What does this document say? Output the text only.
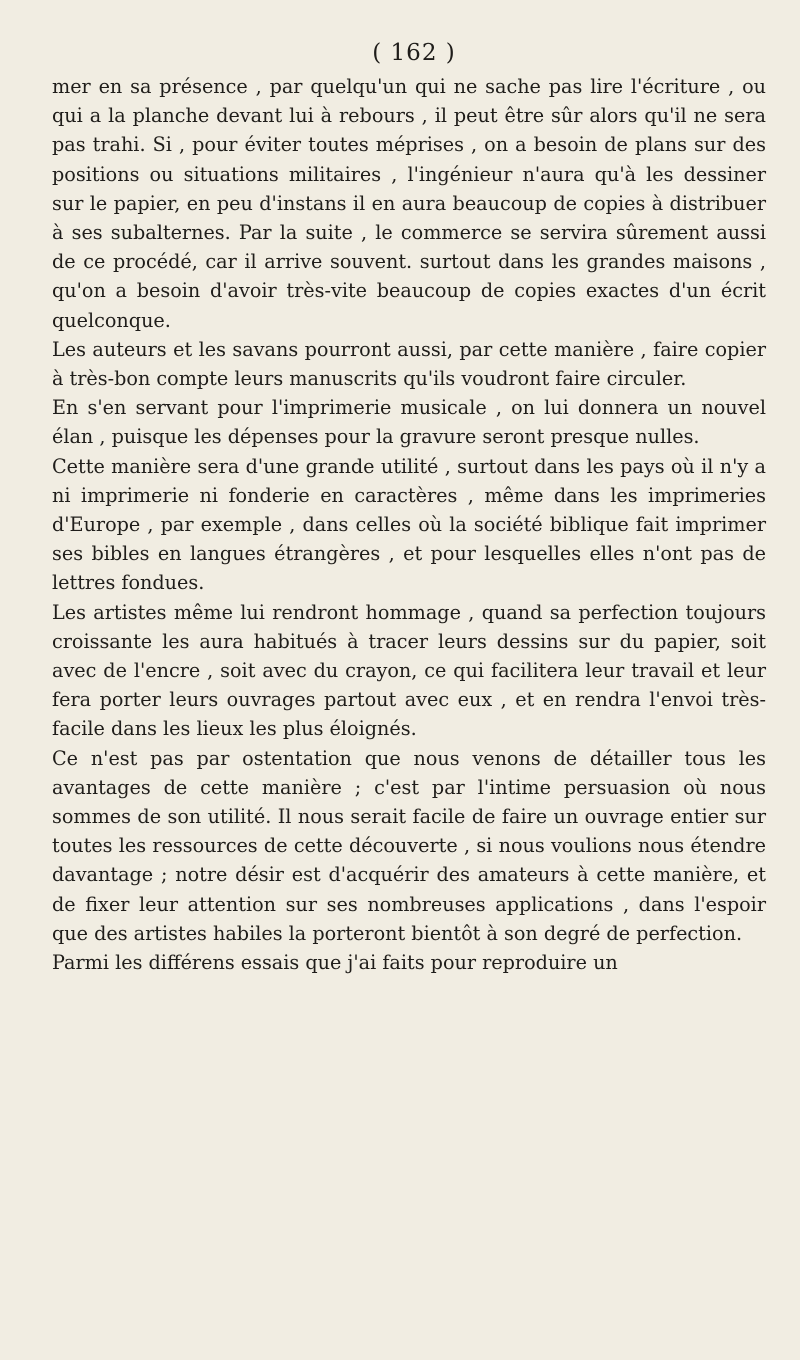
( 162 )

mer en sa présence , par quelqu'un qui ne sache pas lire l'écriture , ou qui a la planche devant lui à rebours , il peut être sûr alors qu'il ne sera pas trahi. Si , pour éviter toutes méprises , on a besoin de plans sur des positions ou situations militaires , l'ingénieur n'aura qu'à les dessiner sur le papier, en peu d'instans il en aura beaucoup de copies à distribuer à ses subalternes. Par la suite , le commerce se servira sûrement aussi de ce procédé, car il arrive souvent. surtout dans les grandes maisons , qu'on a besoin d'avoir très-vite beaucoup de copies exactes d'un écrit quelconque.

Les auteurs et les savans pourront aussi, par cette manière , faire copier à très-bon compte leurs manuscrits qu'ils voudront faire circuler.

En s'en servant pour l'imprimerie musicale , on lui donnera un nouvel élan , puisque les dépenses pour la gravure seront presque nulles.

Cette manière sera d'une grande utilité , surtout dans les pays où il n'y a ni imprimerie ni fonderie en caractères , même dans les imprimeries d'Europe , par exemple , dans celles où la société biblique fait imprimer ses bibles en langues étrangères , et pour lesquelles elles n'ont pas de lettres fondues.

Les artistes même lui rendront hommage , quand sa perfection toujours croissante les aura habitués à tracer leurs dessins sur du papier, soit avec de l'encre , soit avec du crayon, ce qui facilitera leur travail et leur fera porter leurs ouvrages partout avec eux , et en rendra l'envoi très-facile dans les lieux les plus éloignés.

Ce n'est pas par ostentation que nous venons de détailler tous les avantages de cette manière ; c'est par l'intime persuasion où nous sommes de son utilité. Il nous serait facile de faire un ouvrage entier sur toutes les ressources de cette découverte , si nous voulions nous étendre davantage ; notre désir est d'acquérir des amateurs à cette manière, et de fixer leur attention sur ses nombreuses applications , dans l'espoir que des artistes habiles la porteront bientôt à son degré de perfection.

Parmi les différens essais que j'ai faits pour reproduire un
